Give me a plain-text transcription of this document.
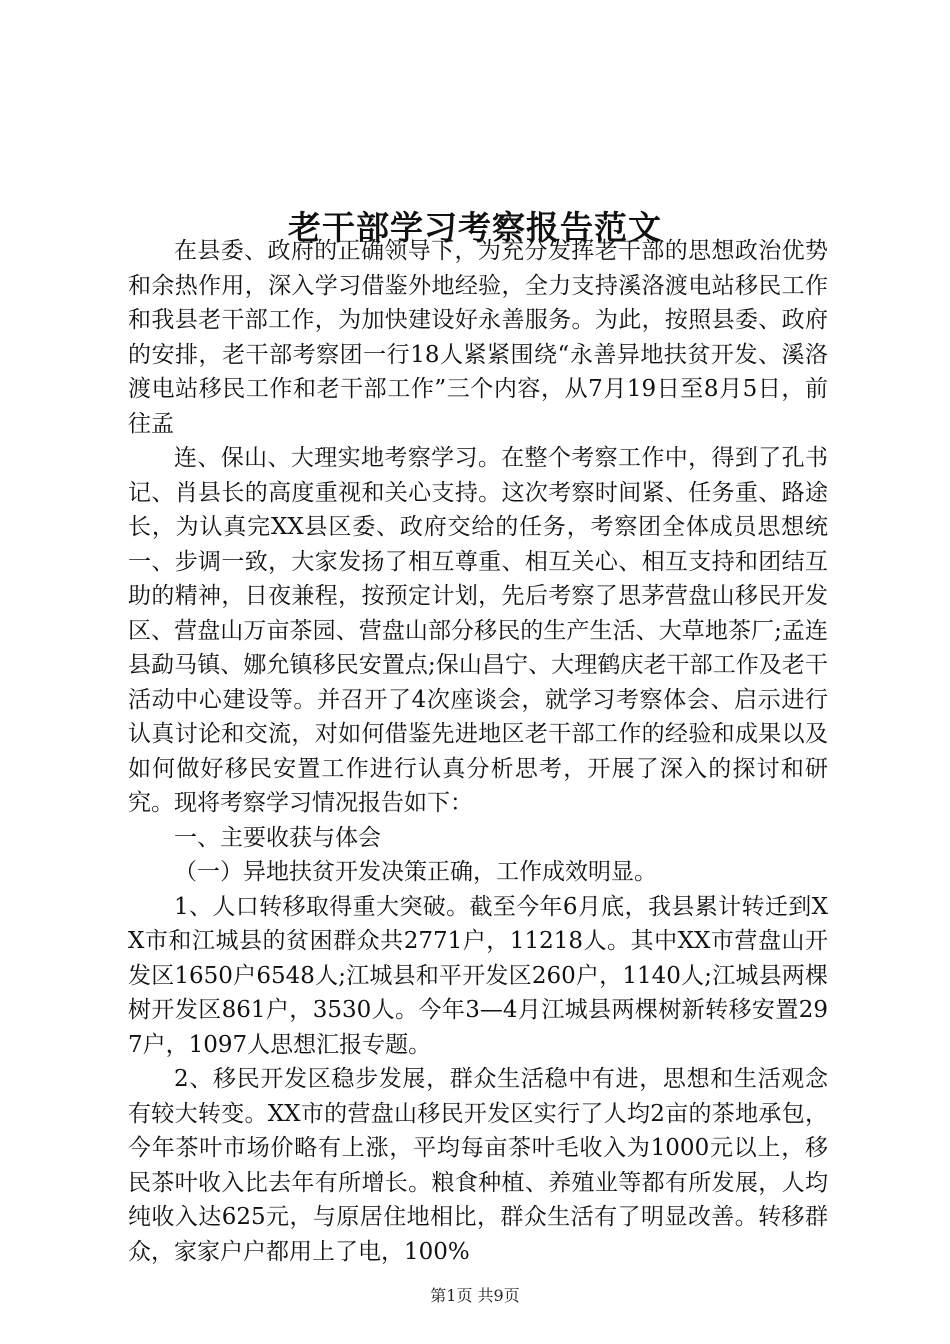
老干部学习考察报告范文

在县委、政府的正确领导下，为充分发挥老干部的思想政治优势和余热作用，深入学习借鉴外地经验，全力支持溪洛渡电站移民工作和我县老干部工作，为加快建设好永善服务。为此，按照县委、政府的安排，老干部考察团一行18人紧紧围绕“永善异地扶贫开发、溪洛渡电站移民工作和老干部工作”三个内容，从7月19日至8月5日，前往孟

连、保山、大理实地考察学习。在整个考察工作中，得到了孔书记、肖县长的高度重视和关心支持。这次考察时间紧、任务重、路途长，为认真完XX县区委、政府交给的任务，考察团全体成员思想统一、步调一致，大家发扬了相互尊重、相互关心、相互支持和团结互助的精神，日夜兼程，按预定计划，先后考察了思茅营盘山移民开发区、营盘山万亩茶园、营盘山部分移民的生产生活、大草地茶厂;孟连县勐马镇、娜允镇移民安置点;保山昌宁、大理鹤庆老干部工作及老干活动中心建设等。并召开了4次座谈会，就学习考察体会、启示进行认真讨论和交流，对如何借鉴先进地区老干部工作的经验和成果以及如何做好移民安置工作进行认真分析思考，开展了深入的探讨和研究。现将考察学习情况报告如下：

一、主要收获与体会

（一）异地扶贫开发决策正确，工作成效明显。

1、人口转移取得重大突破。截至今年6月底，我县累计转迁到XX市和江城县的贫困群众共2771户，11218人。其中XX市营盘山开发区1650户6548人;江城县和平开发区260户，1140人;江城县两棵树开发区861户，3530人。今年3—4月江城县两棵树新转移安置297户，1097人思想汇报专题。

2、移民开发区稳步发展，群众生活稳中有进，思想和生活观念有较大转变。XX市的营盘山移民开发区实行了人均2亩的茶地承包，今年茶叶市场价略有上涨，平均每亩茶叶毛收入为1000元以上，移民茶叶收入比去年有所增长。粮食种植、养殖业等都有所发展，人均纯收入达625元，与原居住地相比，群众生活有了明显改善。转移群众，家家户户都用上了电，100%

第1页 共9页
